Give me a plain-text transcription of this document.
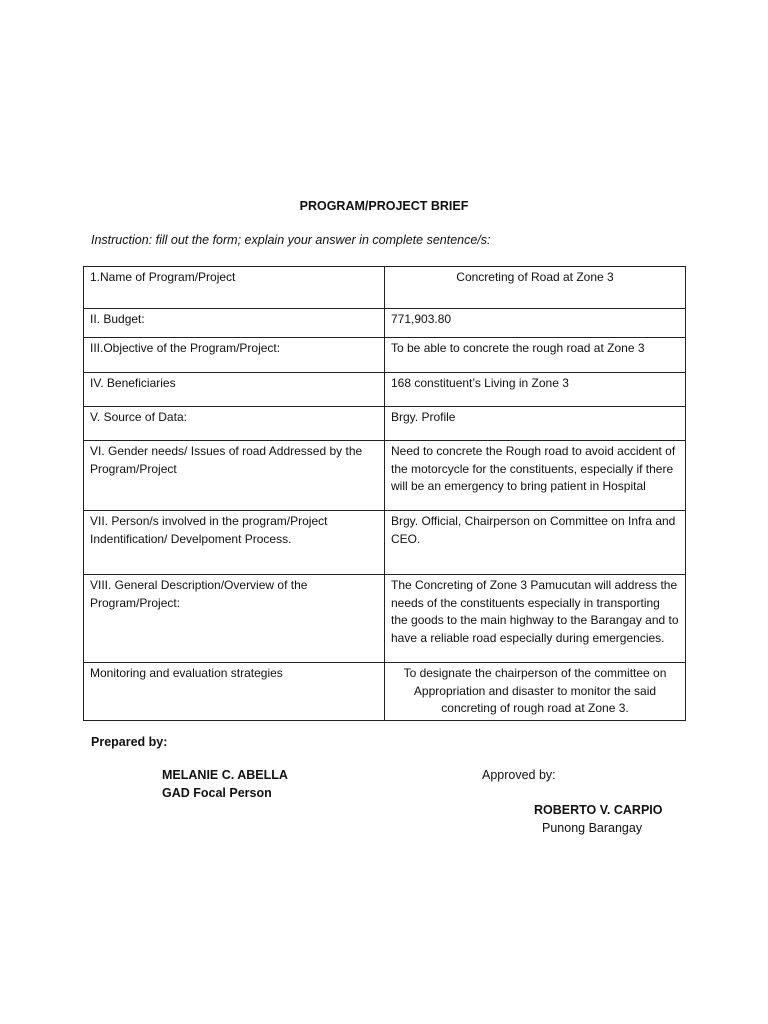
PROGRAM/PROJECT BRIEF
Instruction: fill out the form; explain your answer in complete sentence/s:
1.Name of Program/Project	Concreting of Road at Zone 3
II. Budget:	771,903.80
III.Objective of the Program/Project:	To be able to concrete the rough road at Zone 3
IV. Beneficiaries	168 constituent’s Living in Zone 3
V. Source of Data:	Brgy. Profile
VI. Gender needs/ Issues of road Addressed by the Program/Project	Need to concrete the Rough road to avoid accident of the motorcycle for the constituents, especially if there will be an emergency to bring patient in Hospital
VII. Person/s involved in the program/Project Indentification/ Develpoment Process.	Brgy. Official, Chairperson on Committee on Infra and CEO.
VIII. General Description/Overview of the Program/Project:	The Concreting of Zone 3 Pamucutan will address the needs of the constituents especially in transporting the goods to the main highway to the Barangay and to have a reliable road especially during emergencies.
Monitoring and evaluation strategies	To designate the chairperson of the committee on Appropriation and disaster to monitor the said concreting of rough road at Zone 3.
Prepared by:
MELANIE C. ABELLA
GAD Focal Person
Approved by:
ROBERTO V. CARPIO
Punong Barangay
